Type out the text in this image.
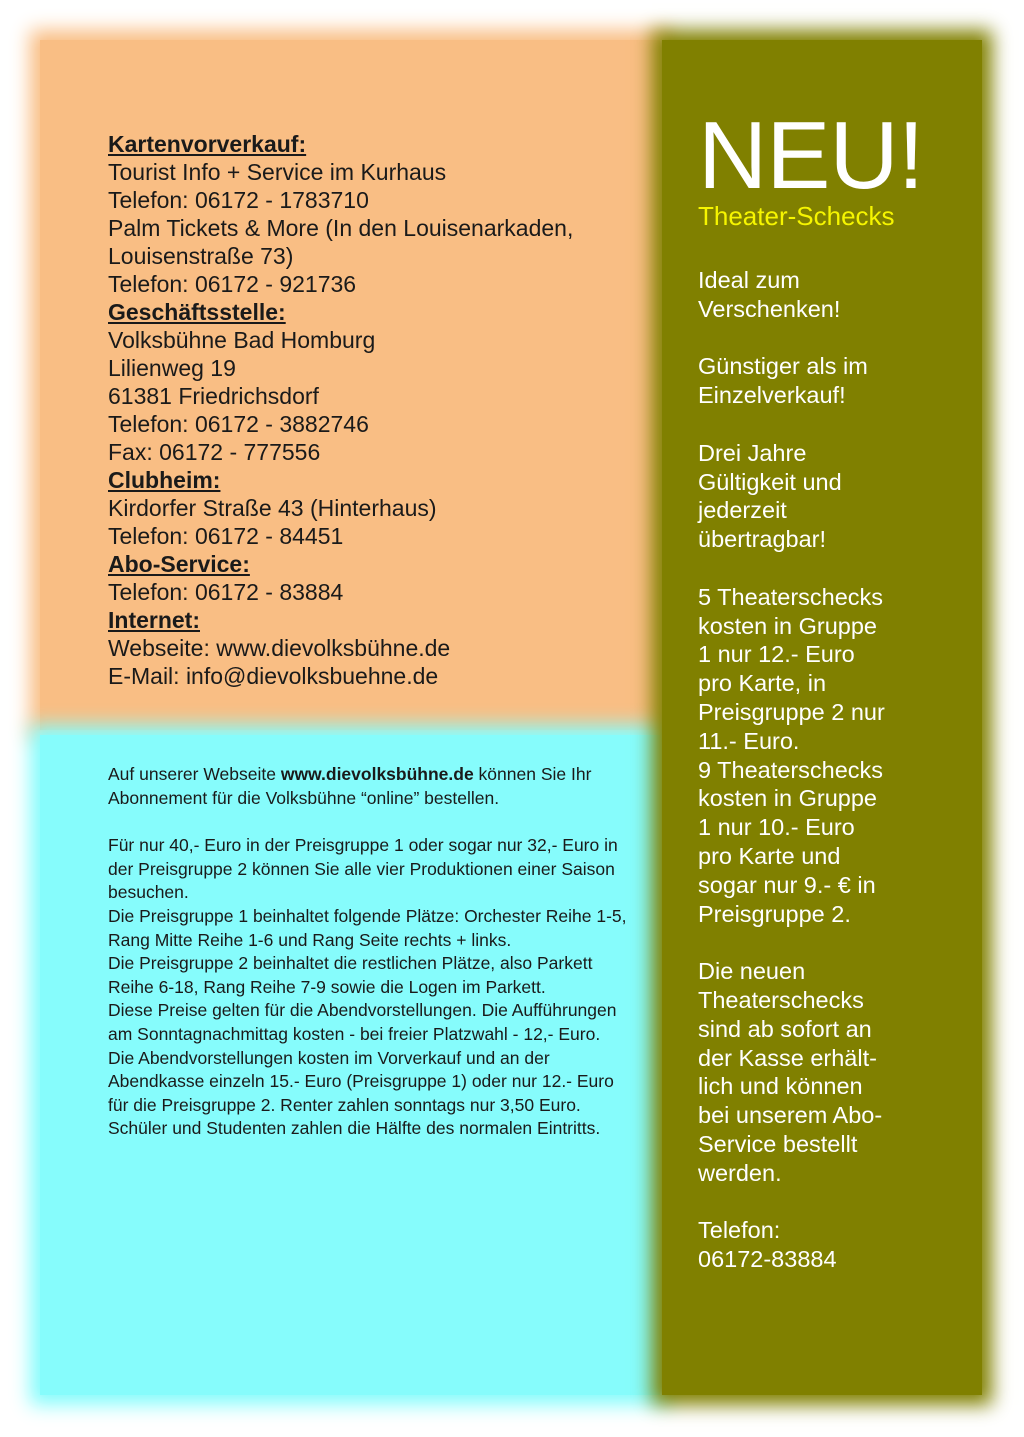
Kartenvorverkauf:
Tourist Info + Service im Kurhaus
Telefon: 06172 - 1783710
Palm Tickets & More (In den Louisenarkaden,
Louisenstraße 73)
Telefon: 06172 - 921736
Geschäftsstelle:
Volksbühne Bad Homburg
Lilienweg 19
61381 Friedrichsdorf
Telefon: 06172 - 3882746
Fax: 06172 - 777556
Clubheim:
Kirdorfer Straße 43 (Hinterhaus)
Telefon: 06172 - 84451
Abo-Service:
Telefon: 06172 - 83884
Internet:
Webseite: www.dievolksbühne.de
E-Mail: info@dievolksbuehne.de

Auf unserer Webseite www.dievolksbühne.de können Sie Ihr Abonnement für die Volksbühne “online” bestellen.

Für nur 40,- Euro in der Preisgruppe 1 oder sogar nur 32,- Euro in der Preisgruppe 2 können Sie alle vier Produktionen einer Saison besuchen.

Die Preisgruppe 1 beinhaltet folgende Plätze: Orchester Reihe 1-5, Rang Mitte Reihe 1-6 und Rang Seite rechts + links.

Die Preisgruppe 2 beinhaltet die restlichen Plätze, also Parkett Reihe 6-18, Rang Reihe 7-9 sowie die Logen im Parkett.

Diese Preise gelten für die Abendvorstellungen. Die Aufführungen am Sonntagnachmittag kosten - bei freier Platzwahl - 12,- Euro.

Die Abendvorstellungen kosten im Vorverkauf und an der Abendkasse einzeln 15.- Euro (Preisgruppe 1) oder nur 12.- Euro für die Preisgruppe 2. Renter zahlen sonntags nur 3,50 Euro. Schüler und Studenten zahlen die Hälfte des normalen Eintritts.

NEU!
Theater-Schecks

Ideal zum

Verschenken!

Günstiger als im

Einzelverkauf!

Drei Jahre

Gültigkeit und

jederzeit

übertragbar!

5 Theaterschecks

kosten in Gruppe

1 nur 12.- Euro

pro Karte, in

Preisgruppe 2 nur

11.- Euro.

9 Theaterschecks

kosten in Gruppe

1 nur 10.- Euro

pro Karte und

sogar nur 9.- € in

Preisgruppe 2.

Die neuen

Theaterschecks

sind ab sofort an

der Kasse erhält-

lich und können

bei unserem Abo-

Service bestellt

werden.

Telefon:

06172-83884
